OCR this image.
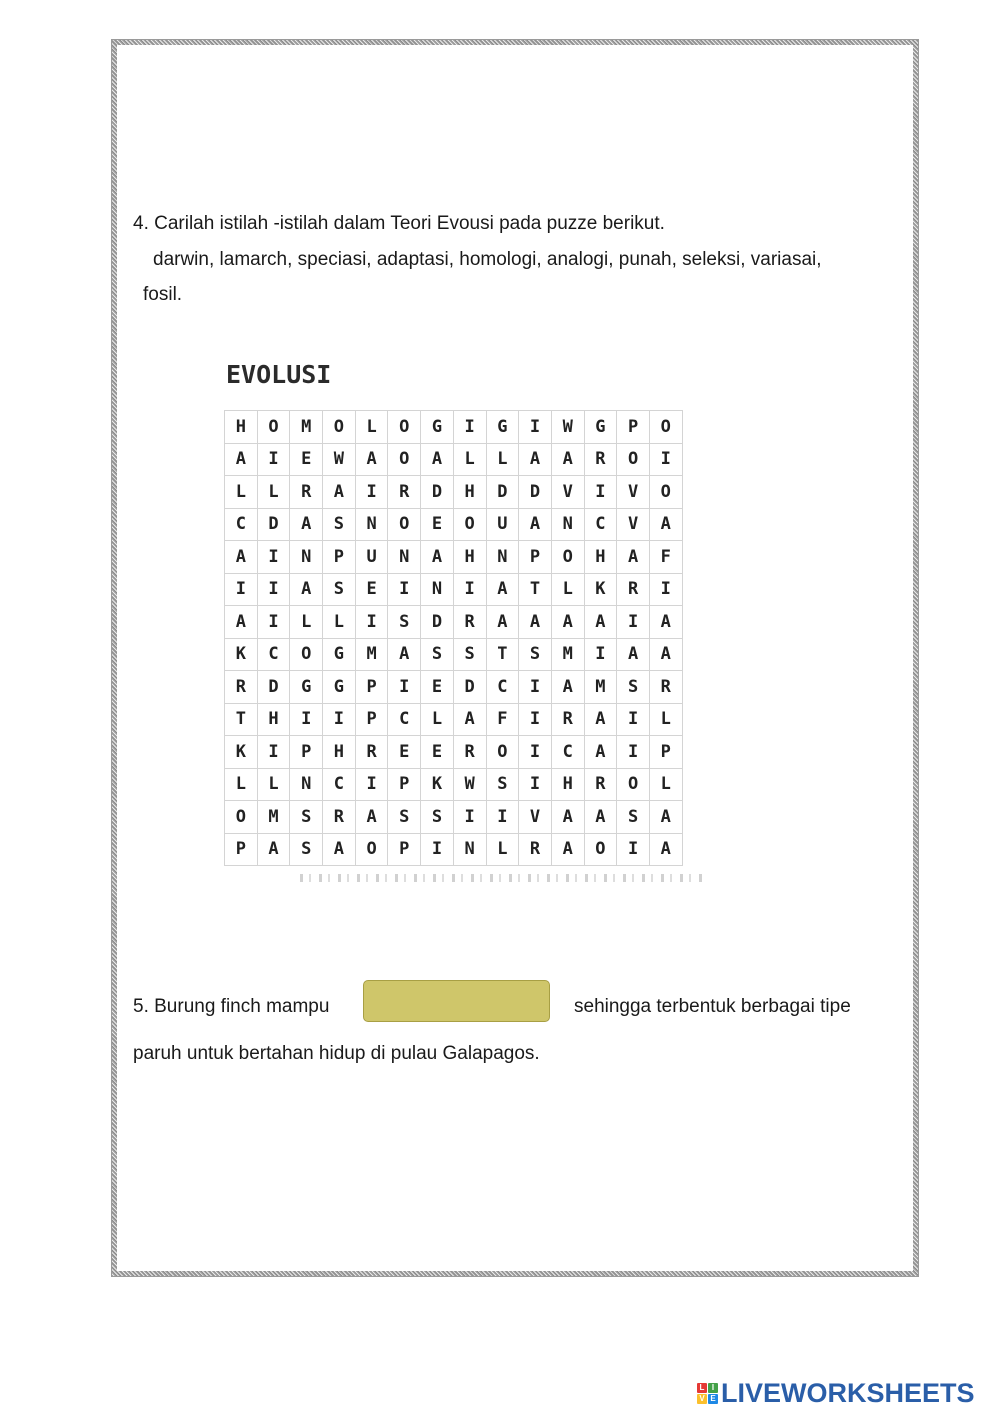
4. Carilah istilah -istilah dalam Teori Evousi pada puzze berikut.
darwin, lamarch, speciasi, adaptasi, homologi, analogi, punah, seleksi, variasai,
fosil.
EVOLUSI
H	O	M	O	L	O	G	I	G	I	W	G	P	O
A	I	E	W	A	O	A	L	L	A	A	R	O	I
L	L	R	A	I	R	D	H	D	D	V	I	V	O
C	D	A	S	N	O	E	O	U	A	N	C	V	A
A	I	N	P	U	N	A	H	N	P	O	H	A	F
I	I	A	S	E	I	N	I	A	T	L	K	R	I
A	I	L	L	I	S	D	R	A	A	A	A	I	A
K	C	O	G	M	A	S	S	T	S	M	I	A	A
R	D	G	G	P	I	E	D	C	I	A	M	S	R
T	H	I	I	P	C	L	A	F	I	R	A	I	L
K	I	P	H	R	E	E	R	O	I	C	A	I	P
L	L	N	C	I	P	K	W	S	I	H	R	O	L
O	M	S	R	A	S	S	I	I	V	A	A	S	A
P	A	S	A	O	P	I	N	L	R	A	O	I	A
5. Burung finch mampu	sehingga terbentuk berbagai tipe
paruh untuk bertahan hidup di pulau Galapagos.
L I
V E LIVEWORKSHEETS
